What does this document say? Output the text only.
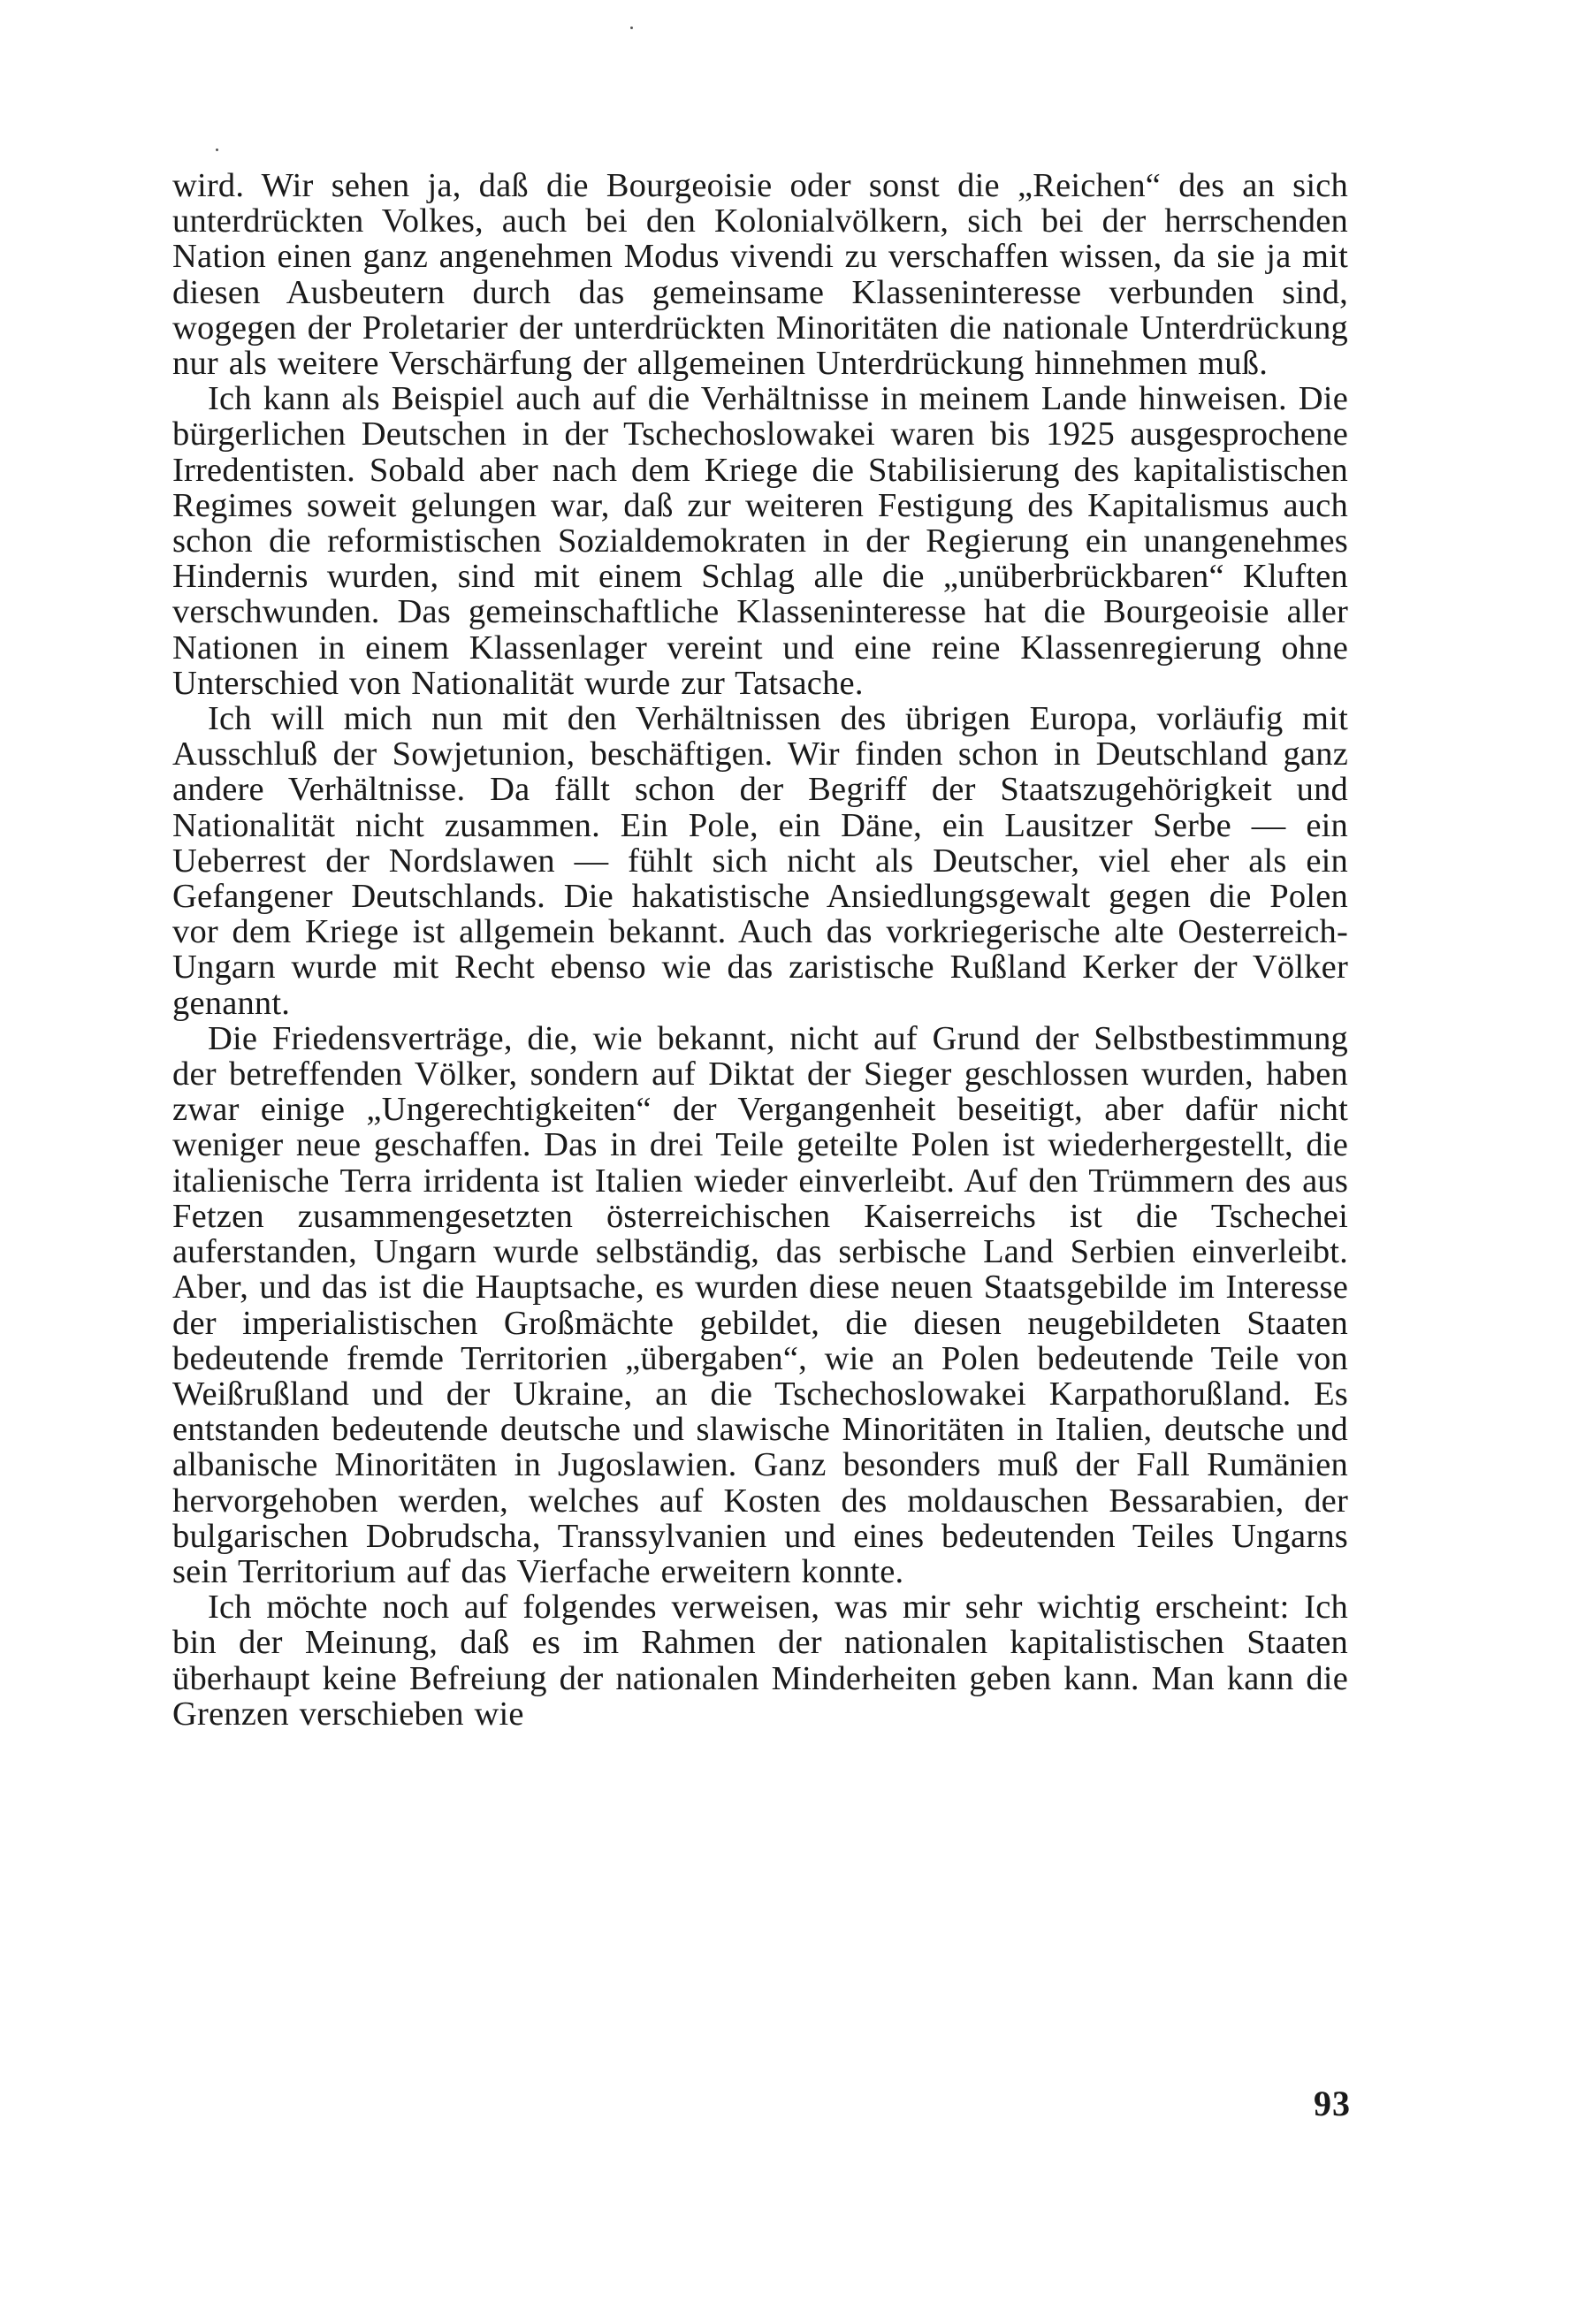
wird. Wir sehen ja, daß die Bourgeoisie oder sonst die „Reichen“ des an sich unterdrückten Volkes, auch bei den Kolonialvölkern, sich bei der herrschenden Nation einen ganz angenehmen Modus vivendi zu verschaffen wissen, da sie ja mit diesen Ausbeutern durch das gemeinsame Klasseninteresse verbunden sind, wogegen der Proletarier der unterdrückten Minoritäten die nationale Unterdrückung nur als weitere Verschärfung der allgemeinen Unterdrückung hinnehmen muß.

Ich kann als Beispiel auch auf die Verhältnisse in meinem Lande hinweisen. Die bürgerlichen Deutschen in der Tschechoslowakei waren bis 1925 ausgesprochene Irredentisten. Sobald aber nach dem Kriege die Stabilisierung des kapitalistischen Regimes soweit gelungen war, daß zur weiteren Festigung des Kapitalismus auch schon die reformistischen Sozialdemokraten in der Regierung ein unangenehmes Hindernis wurden, sind mit einem Schlag alle die „unüberbrückbaren“ Kluften verschwunden. Das gemeinschaftliche Klasseninteresse hat die Bourgeoisie aller Nationen in einem Klassenlager vereint und eine reine Klassenregierung ohne Unterschied von Nationalität wurde zur Tatsache.

Ich will mich nun mit den Verhältnissen des übrigen Europa, vorläufig mit Ausschluß der Sowjetunion, beschäftigen. Wir finden schon in Deutschland ganz andere Verhältnisse. Da fällt schon der Begriff der Staatszugehörigkeit und Nationalität nicht zusammen. Ein Pole, ein Däne, ein Lausitzer Serbe — ein Ueberrest der Nordslawen — fühlt sich nicht als Deutscher, viel eher als ein Gefangener Deutschlands. Die hakatistische Ansiedlungsgewalt gegen die Polen vor dem Kriege ist allgemein bekannt. Auch das vorkriegerische alte Oesterreich-Ungarn wurde mit Recht ebenso wie das zaristische Rußland Kerker der Völker genannt.

Die Friedensverträge, die, wie bekannt, nicht auf Grund der Selbstbestimmung der betreffenden Völker, sondern auf Diktat der Sieger geschlossen wurden, haben zwar einige „Ungerechtigkeiten“ der Vergangenheit beseitigt, aber dafür nicht weniger neue geschaffen. Das in drei Teile geteilte Polen ist wiederhergestellt, die italienische Terra irridenta ist Italien wieder einverleibt. Auf den Trümmern des aus Fetzen zusammengesetzten österreichischen Kaiserreichs ist die Tschechei auferstanden, Ungarn wurde selbständig, das serbische Land Serbien einverleibt. Aber, und das ist die Hauptsache, es wurden diese neuen Staatsgebilde im Interesse der imperialistischen Großmächte gebildet, die diesen neugebildeten Staaten bedeutende fremde Territorien „übergaben“, wie an Polen bedeutende Teile von Weißrußland und der Ukraine, an die Tschechoslowakei Karpathorußland. Es entstanden bedeutende deutsche und slawische Minoritäten in Italien, deutsche und albanische Minoritäten in Jugoslawien. Ganz besonders muß der Fall Rumänien hervorgehoben werden, welches auf Kosten des moldauschen Bessarabien, der bulgarischen Dobrudscha, Transsylvanien und eines bedeutenden Teiles Ungarns sein Territorium auf das Vierfache erweitern konnte.

Ich möchte noch auf folgendes verweisen, was mir sehr wichtig erscheint: Ich bin der Meinung, daß es im Rahmen der nationalen kapitalistischen Staaten überhaupt keine Befreiung der nationalen Minderheiten geben kann. Man kann die Grenzen verschieben wie

93
